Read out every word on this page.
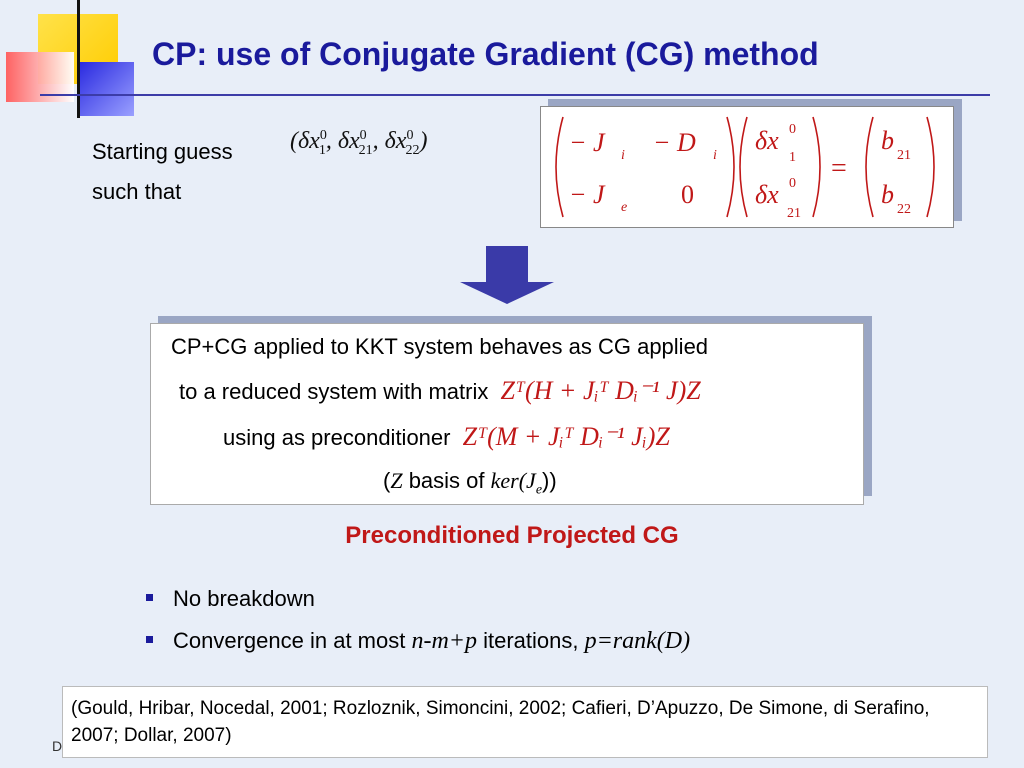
CP: use of Conjugate Gradient (CG) method
Starting guess
such that
($\delta x^0_1$, $\delta x^0_{21}$, $\delta x^0_{22}$)	− J i − D i
− J e 0
δx 0
1
δx 0
21
=
b
21
b
22
CP+CG applied to KKT system behaves as CG applied
to a reduced system with matrix Zᵀ(H + Jᵢᵀ Dᵢ⁻¹ J)Z
using as preconditioner Zᵀ(M + Jᵢᵀ Dᵢ⁻¹ Jᵢ)Z
(Z basis of $ker(J_e)$)
Preconditioned Projected CG
No breakdown
Convergence in at most n-m+p iterations, p=rank(D)
D
(Gould, Hribar, Nocedal, 2001; Rozloznik, Simoncini, 2002; Cafieri, D’Apuzzo, De Simone, di Serafino, 2007; Dollar, 2007)
